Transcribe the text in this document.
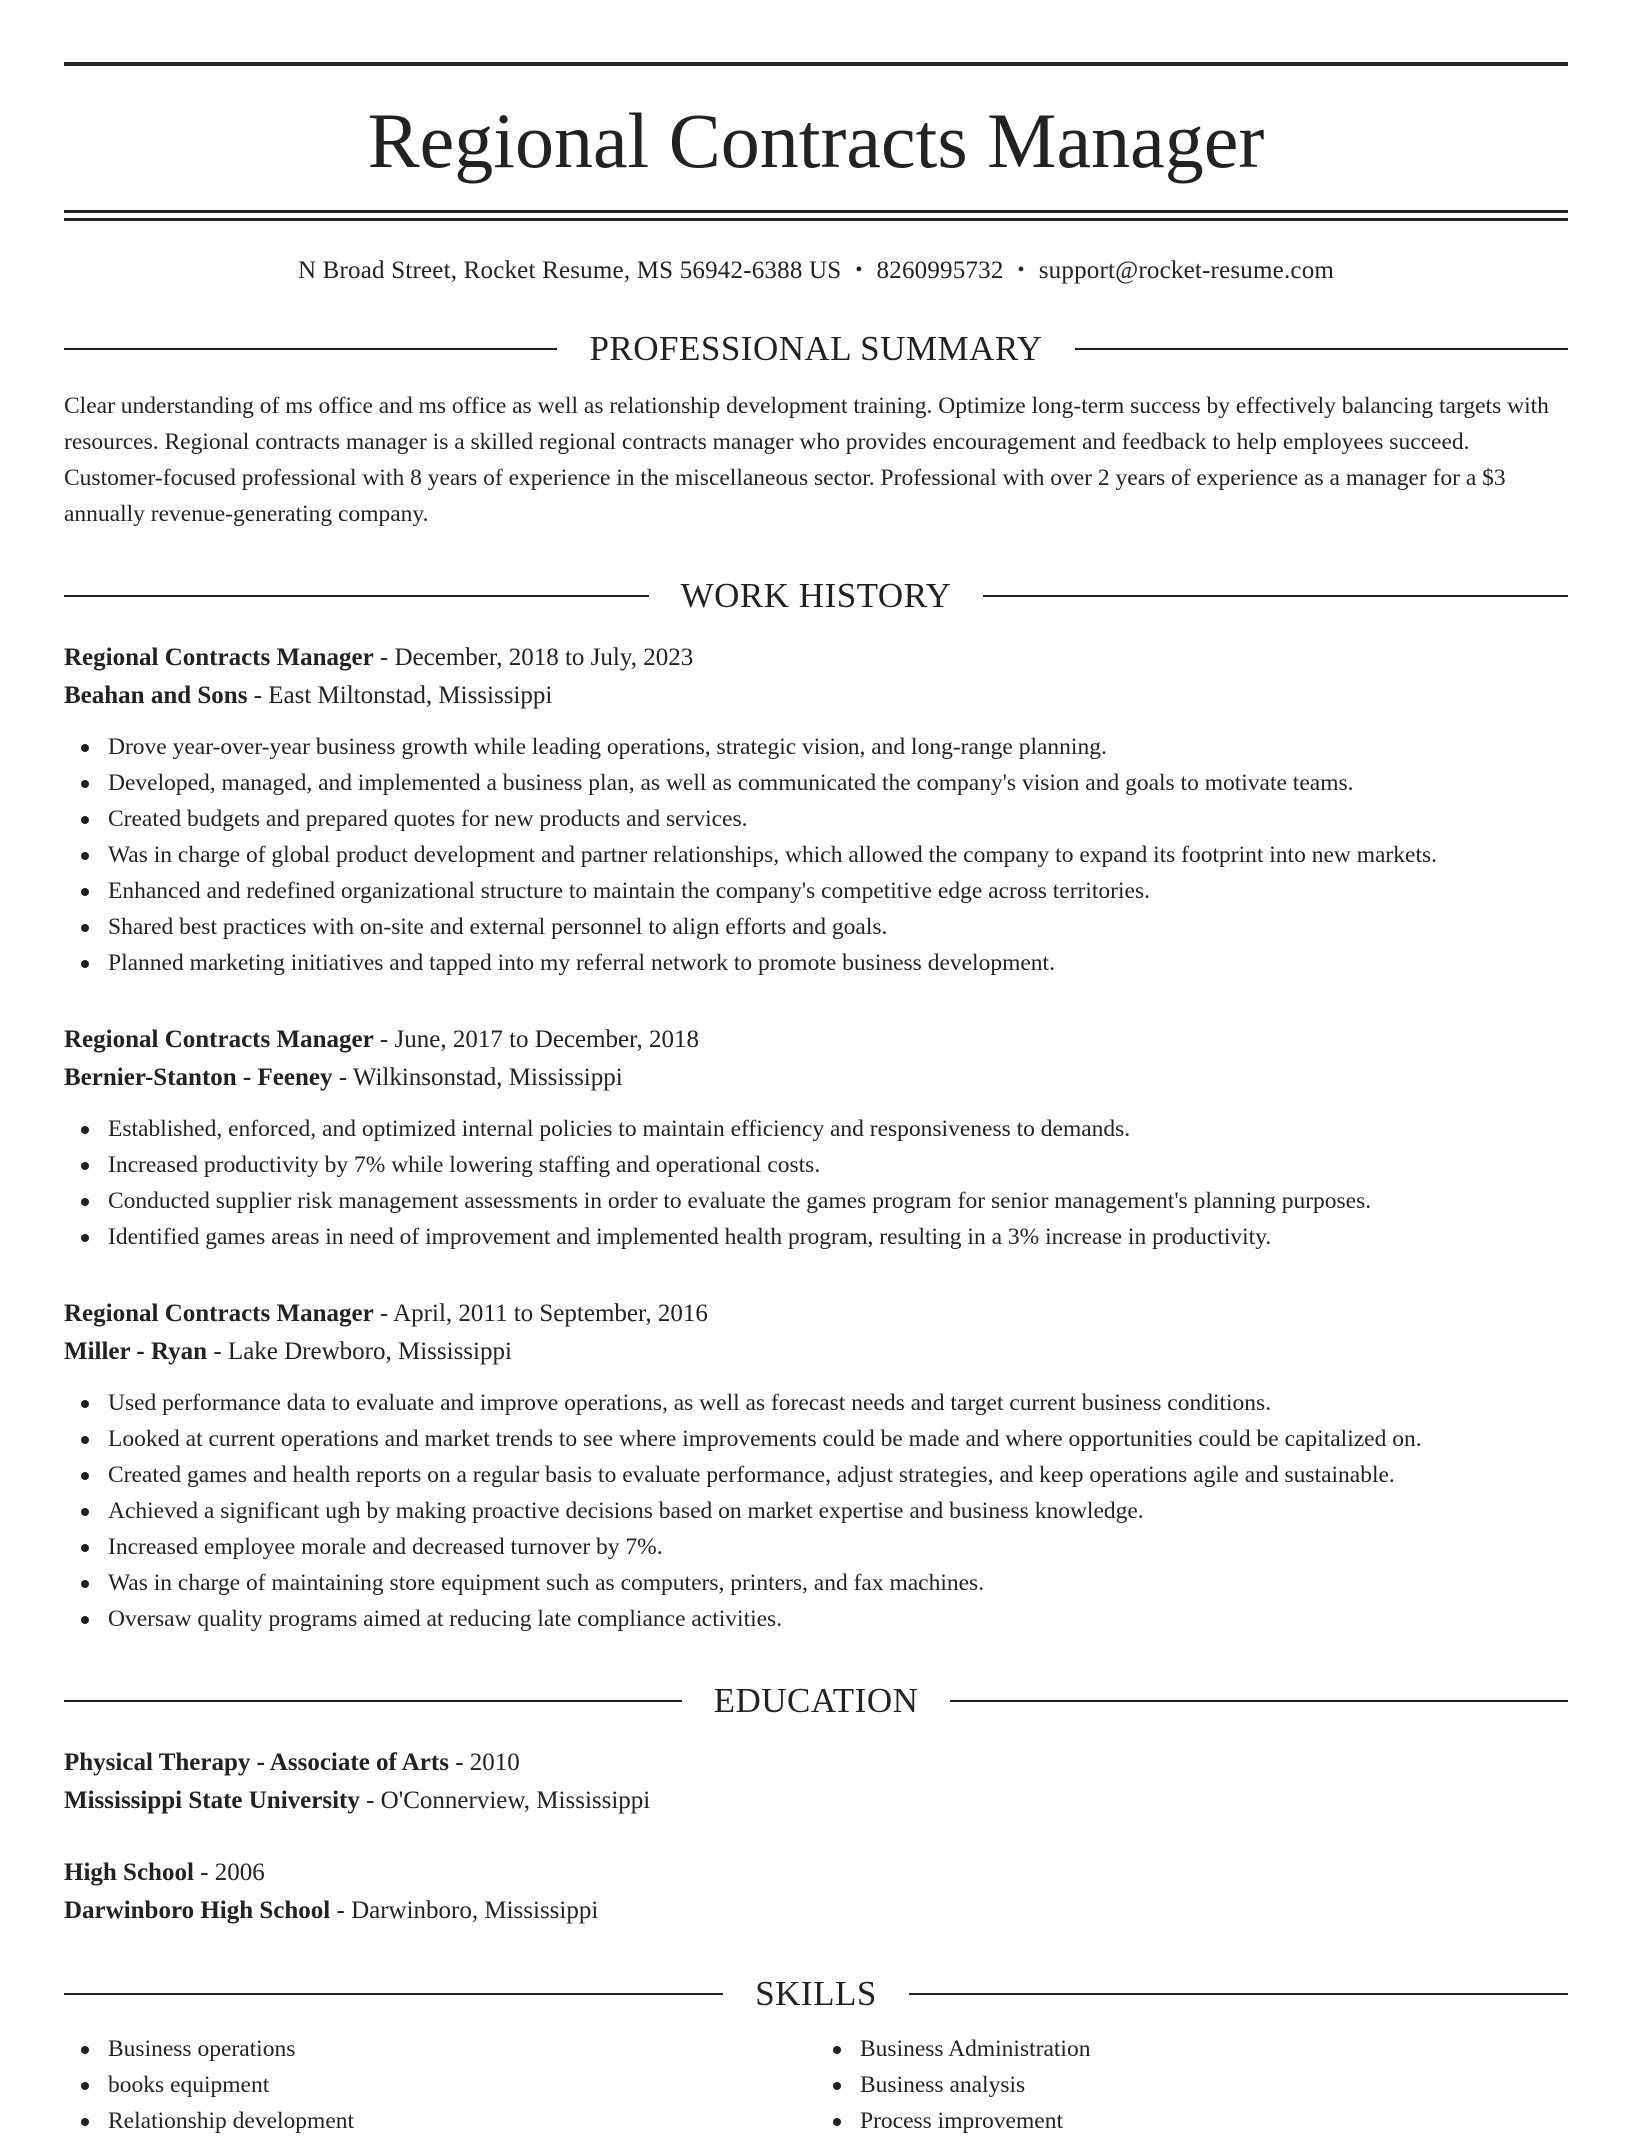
Regional Contracts Manager
N Broad Street, Rocket Resume, MS 56942-6388 US • 8260995732 • support@rocket-resume.com
PROFESSIONAL SUMMARY
Clear understanding of ms office and ms office as well as relationship development training. Optimize long-term success by effectively balancing targets with resources. Regional contracts manager is a skilled regional contracts manager who provides encouragement and feedback to help employees succeed. Customer-focused professional with 8 years of experience in the miscellaneous sector. Professional with over 2 years of experience as a manager for a $3 annually revenue-generating company.
WORK HISTORY
Regional Contracts Manager - December, 2018 to July, 2023
Beahan and Sons - East Miltonstad, Mississippi
Drove year-over-year business growth while leading operations, strategic vision, and long-range planning.
Developed, managed, and implemented a business plan, as well as communicated the company's vision and goals to motivate teams.
Created budgets and prepared quotes for new products and services.
Was in charge of global product development and partner relationships, which allowed the company to expand its footprint into new markets.
Enhanced and redefined organizational structure to maintain the company's competitive edge across territories.
Shared best practices with on-site and external personnel to align efforts and goals.
Planned marketing initiatives and tapped into my referral network to promote business development.
Regional Contracts Manager - June, 2017 to December, 2018
Bernier-Stanton - Feeney - Wilkinsonstad, Mississippi
Established, enforced, and optimized internal policies to maintain efficiency and responsiveness to demands.
Increased productivity by 7% while lowering staffing and operational costs.
Conducted supplier risk management assessments in order to evaluate the games program for senior management's planning purposes.
Identified games areas in need of improvement and implemented health program, resulting in a 3% increase in productivity.
Regional Contracts Manager - April, 2011 to September, 2016
Miller - Ryan - Lake Drewboro, Mississippi
Used performance data to evaluate and improve operations, as well as forecast needs and target current business conditions.
Looked at current operations and market trends to see where improvements could be made and where opportunities could be capitalized on.
Created games and health reports on a regular basis to evaluate performance, adjust strategies, and keep operations agile and sustainable.
Achieved a significant ugh by making proactive decisions based on market expertise and business knowledge.
Increased employee morale and decreased turnover by 7%.
Was in charge of maintaining store equipment such as computers, printers, and fax machines.
Oversaw quality programs aimed at reducing late compliance activities.
EDUCATION
Physical Therapy - Associate of Arts - 2010
Mississippi State University - O'Connerview, Mississippi
High School - 2006
Darwinboro High School - Darwinboro, Mississippi
SKILLS
Business operations
books equipment
Relationship development
Business Administration
Business analysis
Process improvement
